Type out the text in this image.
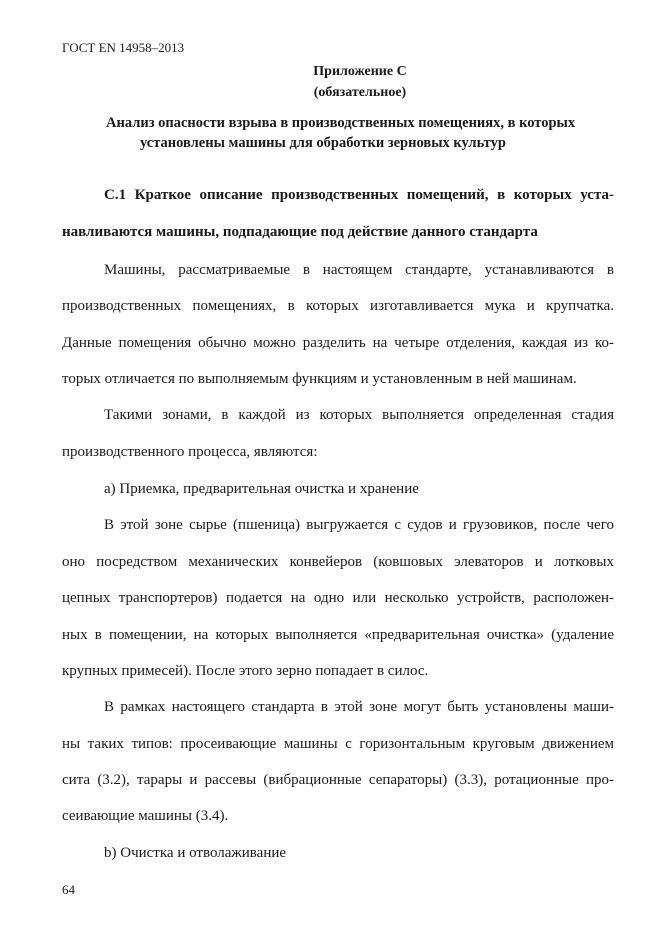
ГОСТ EN 14958–2013
Приложение С
(обязательное)
Анализ опасности взрыва в производственных помещениях, в которых
установлены машины для обработки зерновых культур
С.1 Краткое описание производственных помещений, в которых уста-
навливаются машины, подпадающие под действие данного стандарта
Машины, рассматриваемые в настоящем стандарте, устанавливаются в
производственных помещениях, в которых изготавливается мука и крупчатка.
Данные помещения обычно можно разделить на четыре отделения, каждая из ко-
торых отличается по выполняемым функциям и установленным в ней машинам.
Такими зонами, в каждой из которых выполняется определенная стадия
производственного процесса, являются:
а) Приемка, предварительная очистка и хранение
В этой зоне сырье (пшеница) выгружается с судов и грузовиков, после чего
оно посредством механических конвейеров (ковшовых элеваторов и лотковых
цепных транспортеров) подается на одно или несколько устройств, расположен-
ных в помещении, на которых выполняется «предварительная очистка» (удаление
крупных примесей). После этого зерно попадает в силос.
В рамках настоящего стандарта в этой зоне могут быть установлены маши-
ны таких типов: просеивающие машины с горизонтальным круговым движением
сита (3.2), тарары и рассевы (вибрационные сепараторы) (3.3), ротационные про-
сеивающие машины (3.4).
b) Очистка и отволаживание
64
